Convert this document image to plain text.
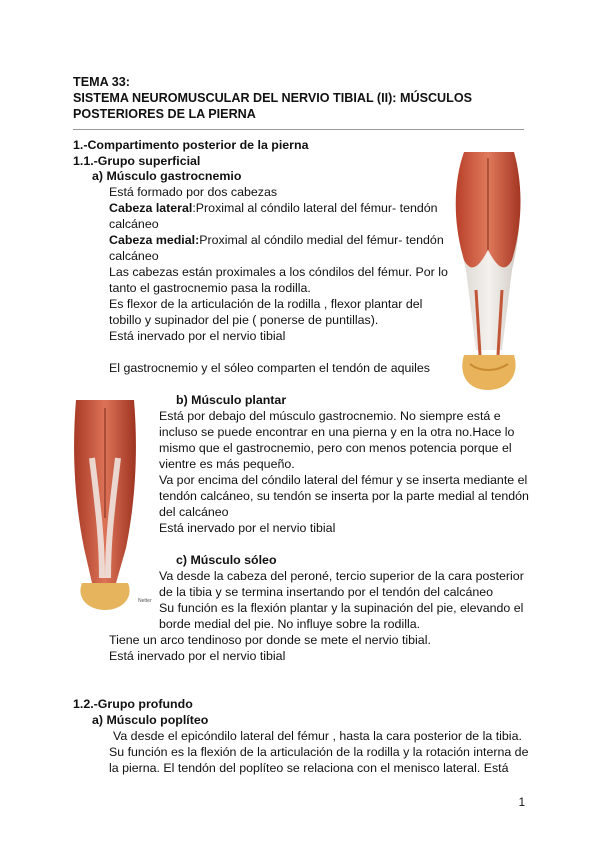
TEMA 33:
SISTEMA NEUROMUSCULAR DEL NERVIO TIBIAL (II): MÚSCULOS
POSTERIORES DE LA PIERNA
1.-Compartimento posterior de la pierna
1.1.-Grupo superficial
a) Músculo gastrocnemio
Está formado por dos cabezas
Cabeza lateral:Proximal al cóndilo lateral del fémur- tendón
calcáneo
Cabeza medial:Proximal al cóndilo medial del fémur- tendón
calcáneo
Las cabezas están proximales a los cóndilos del fémur. Por lo
tanto el gastrocnemio pasa la rodilla.
Es flexor de la articulación de la rodilla , flexor plantar del
tobillo y supinador del pie ( ponerse de puntillas).
Está inervado por el nervio tibial
El gastrocnemio y el sóleo comparten el tendón de aquiles
Netter
b) Músculo plantar
Está por debajo del músculo gastrocnemio. No siempre está e
incluso se puede encontrar en una pierna y en la otra no.Hace lo
mismo que el gastrocnemio, pero con menos potencia porque el
vientre es más pequeño.
Va por encima del cóndilo lateral del fémur y se inserta mediante el
tendón calcáneo, su tendón se inserta por la parte medial al tendón
del calcáneo
Está inervado por el nervio tibial
c) Músculo sóleo
Va desde la cabeza del peroné, tercio superior de la cara posterior
de la tibia y se termina insertando por el tendón del calcáneo
Su función es la flexión plantar y la supinación del pie, elevando el
borde medial del pie. No influye sobre la rodilla.
Tiene un arco tendinoso por donde se mete el nervio tibial.
Está inervado por el nervio tibial
1.2.-Grupo profundo
a) Músculo poplíteo
Va desde el epicóndilo lateral del fémur , hasta la cara posterior de la tibia.
Su función es la flexión de la articulación de la rodilla y la rotación interna de
la pierna. El tendón del poplíteo se relaciona con el menisco lateral. Está
1
